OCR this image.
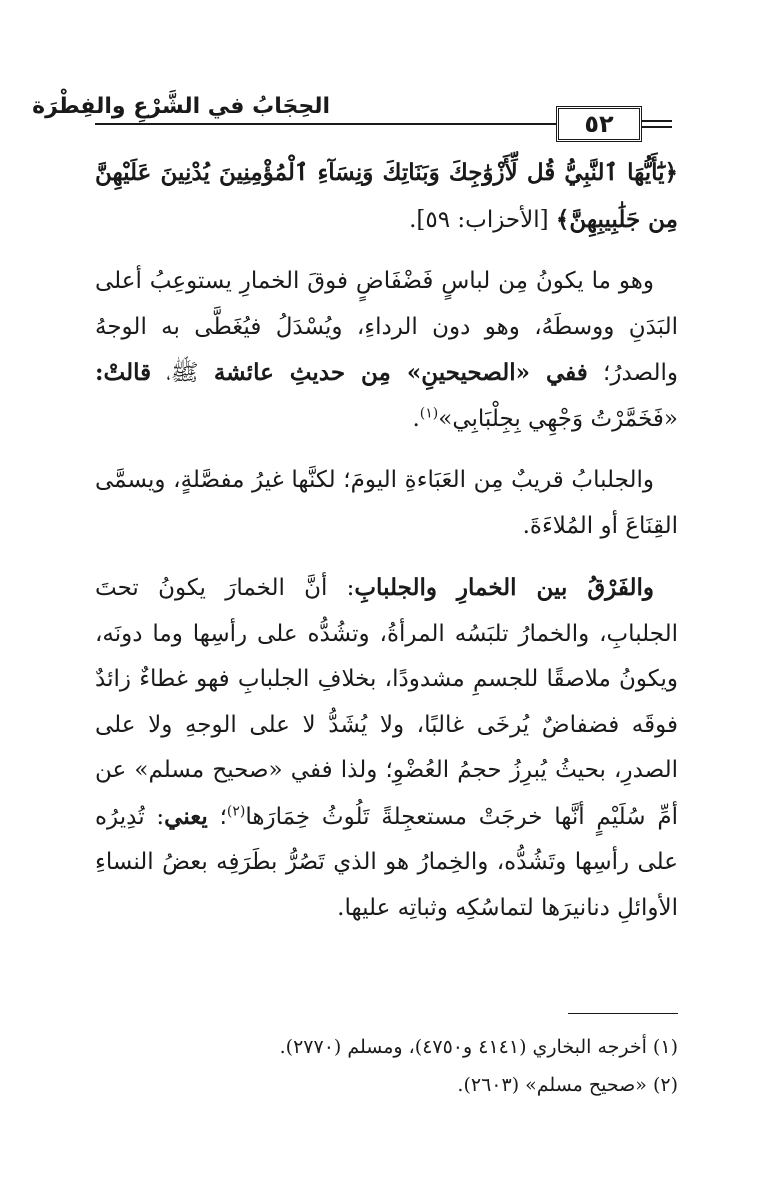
الحِجَابُ في الشَّرْعِ والفِطْرَة
٥٢

﴿يَٰٓأَيُّهَا ٱلنَّبِيُّ قُل لِّأَزْوَٰجِكَ وَبَنَاتِكَ وَنِسَآءِ ٱلْمُؤْمِنِينَ يُدْنِينَ عَلَيْهِنَّ مِن جَلَٰبِيبِهِنَّ﴾ [الأحزاب: ٥٩].

وهو ما يكونُ مِن لباسٍ فَضْفَاضٍ فوقَ الخمارِ يستوعِبُ أعلى البَدَنِ ووسطَهُ، وهو دون الرداءِ، ويُسْدَلُ فيُغَطَّى به الوجهُ والصدرُ؛ ففي «الصحيحينِ» مِن حديثِ عائشة ﷺ، قالتْ: «فَخَمَّرْتُ وَجْهِي بِجِلْبَابِي»$^{(١)}$.

والجلبابُ قريبٌ مِن العَبَاءةِ اليومَ؛ لكنَّها غيرُ مفصَّلةٍ، ويسمَّى القِنَاعَ أو المُلاءَةَ.

والفَرْقُ بين الخمارِ والجلبابِ: أنَّ الخمارَ يكونُ تحتَ الجلبابِ، والخمارُ تلبَسُه المرأةُ، وتشُدُّه على رأسِها وما دونَه، ويكونُ ملاصقًا للجسمِ مشدودًا، بخلافِ الجلبابِ فهو غطاءٌ زائدٌ فوقَه فضفاضٌ يُرخَى غالبًا، ولا يُشَدُّ لا على الوجهِ ولا على الصدرِ، بحيثُ يُبرِزُ حجمُ العُضْوِ؛ ولذا ففي «صحيح مسلم» عن أمِّ سُلَيْمٍ أنَّها خرجَتْ مستعجِلةً تَلُوثُ خِمَارَها$^{(٢)}$؛ يعني: تُدِيرُه على رأسِها وتَشُدُّه، والخِمارُ هو الذي تَصُرُّ بطَرَفِه بعضُ النساءِ الأوائلِ دنانيرَها لتماسُكِه وثباتِه عليها.

(١) أخرجه البخاري (٤١٤١ و٤٧٥٠)، ومسلم (٢٧٧٠).
(٢) «صحيح مسلم» (٢٦٠٣).
